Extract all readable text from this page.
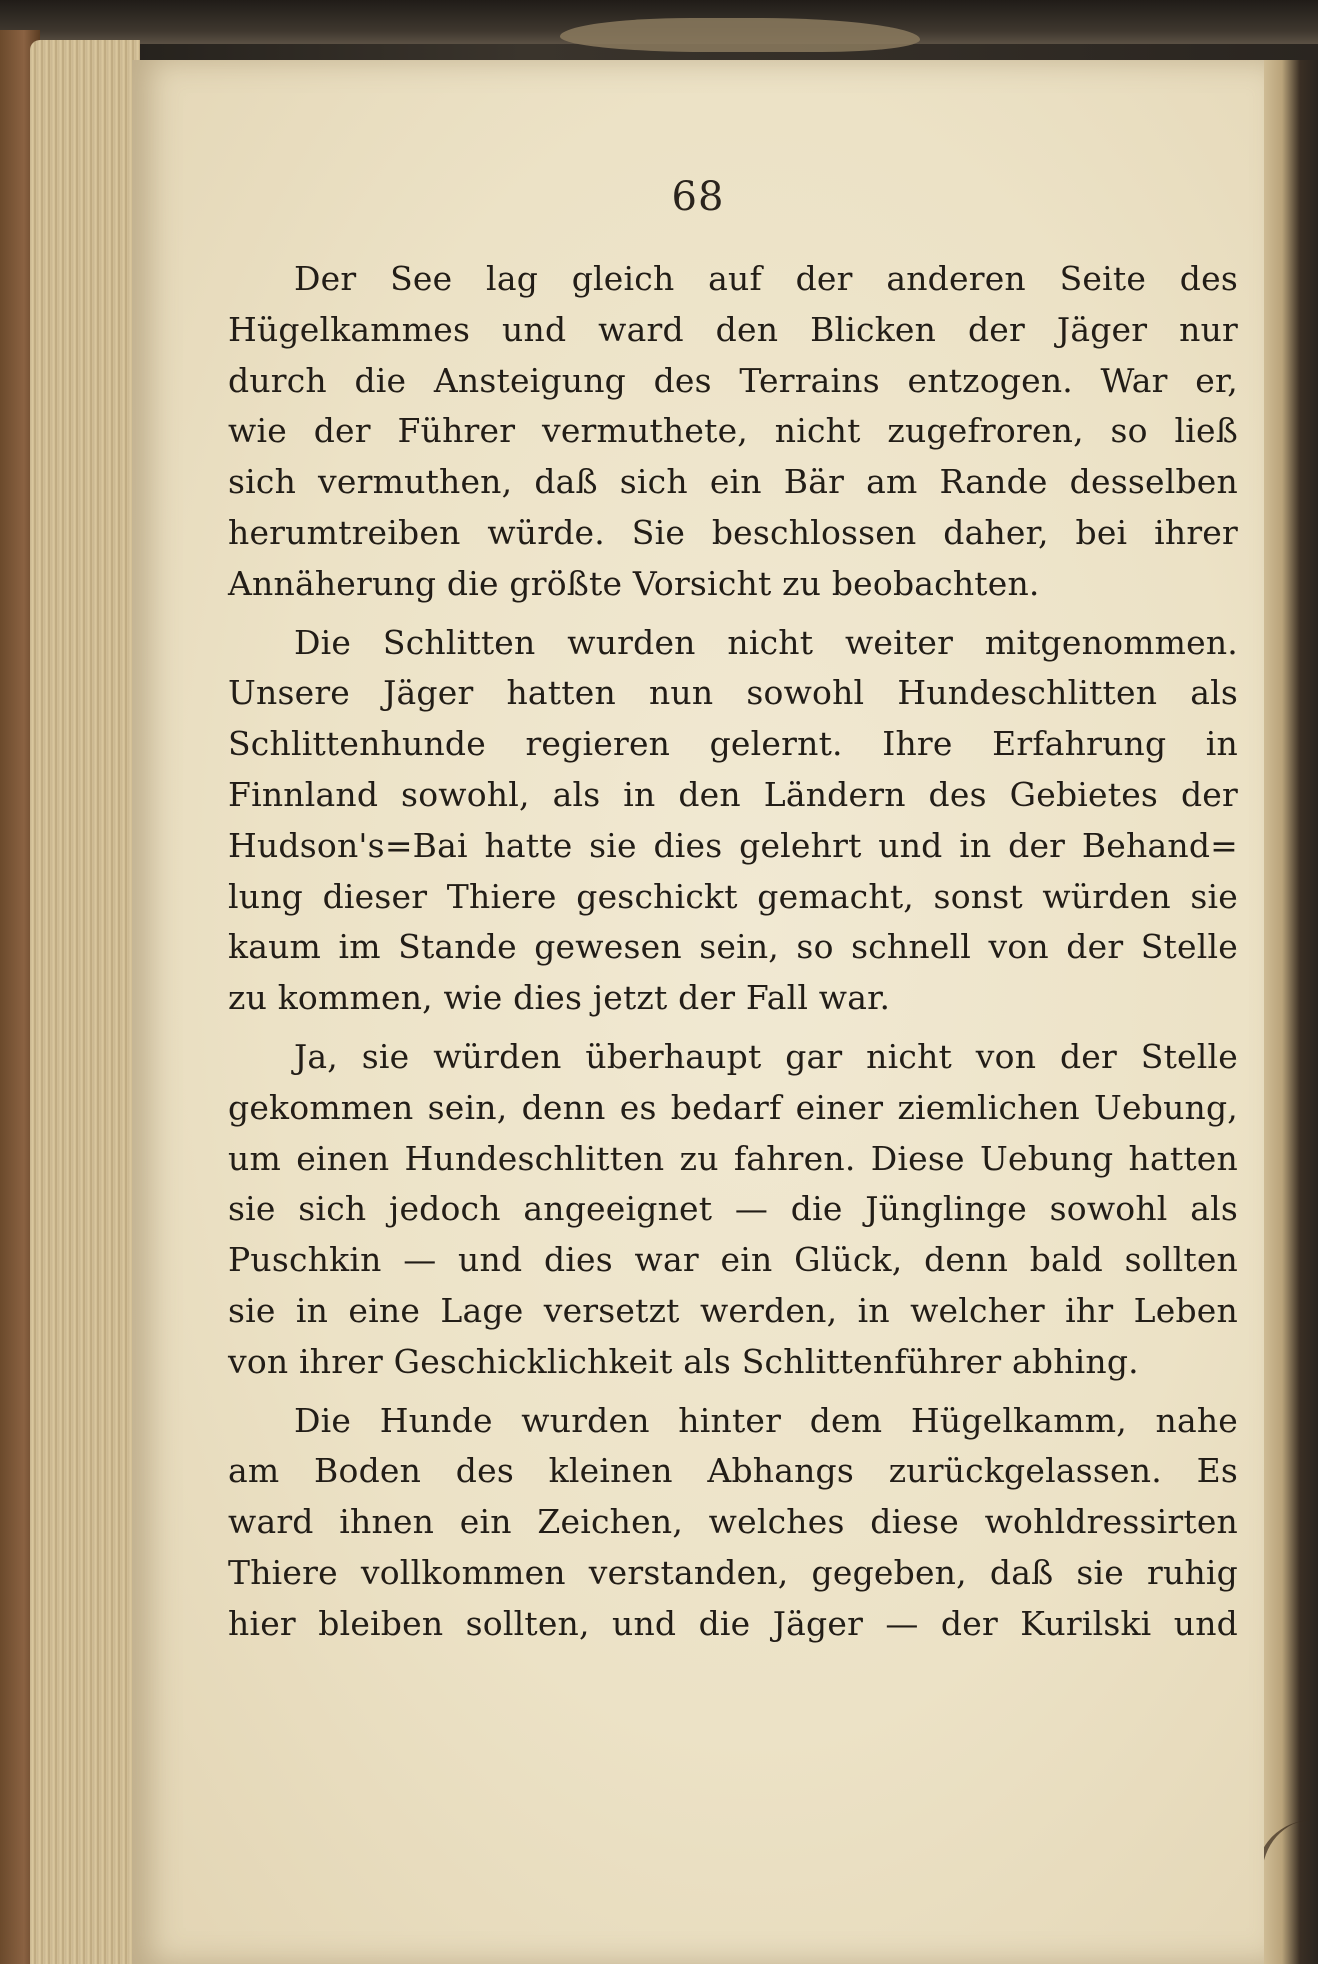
68
Der See lag gleich auf der anderen Seite des
Hügelkammes und ward den Blicken der Jäger nur
durch die Ansteigung des Terrains entzogen. War er,
wie der Führer vermuthete, nicht zugefroren, so ließ
sich vermuthen, daß sich ein Bär am Rande desselben
herumtreiben würde. Sie beschlossen daher, bei ihrer
Annäherung die größte Vorsicht zu beobachten.
Die Schlitten wurden nicht weiter mitgenommen.
Unsere Jäger hatten nun sowohl Hundeschlitten als
Schlittenhunde regieren gelernt. Ihre Erfahrung in
Finnland sowohl, als in den Ländern des Gebietes der
Hudson's=Bai hatte sie dies gelehrt und in der Behand=
lung dieser Thiere geschickt gemacht, sonst würden sie
kaum im Stande gewesen sein, so schnell von der Stelle
zu kommen, wie dies jetzt der Fall war.
Ja, sie würden überhaupt gar nicht von der Stelle
gekommen sein, denn es bedarf einer ziemlichen Uebung,
um einen Hundeschlitten zu fahren. Diese Uebung hatten
sie sich jedoch angeeignet — die Jünglinge sowohl als
Puschkin — und dies war ein Glück, denn bald sollten
sie in eine Lage versetzt werden, in welcher ihr Leben
von ihrer Geschicklichkeit als Schlittenführer abhing.
Die Hunde wurden hinter dem Hügelkamm, nahe
am Boden des kleinen Abhangs zurückgelassen. Es
ward ihnen ein Zeichen, welches diese wohldressirten
Thiere vollkommen verstanden, gegeben, daß sie ruhig
hier bleiben sollten, und die Jäger — der Kurilski und
